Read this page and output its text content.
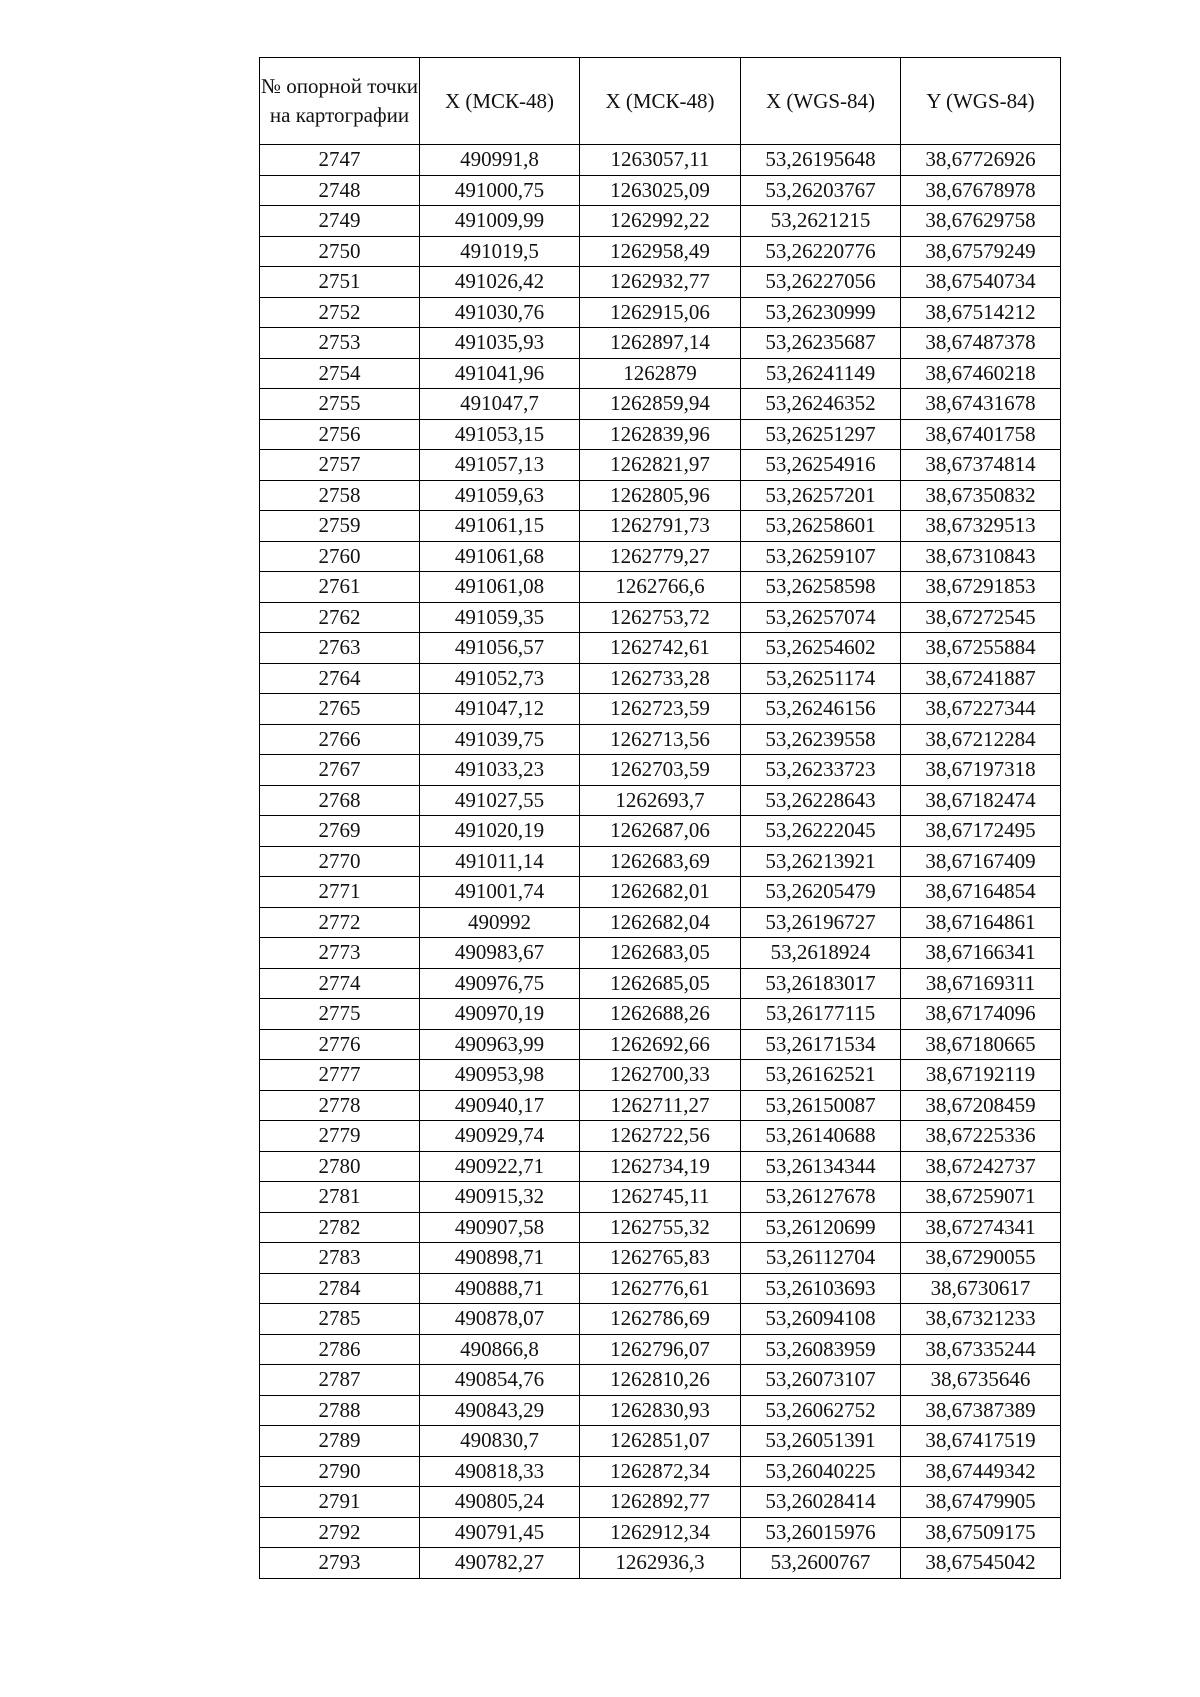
№ опорной точки на картографии	X (МСК-48)	X (МСК-48)	X (WGS-84)	Y (WGS-84)
2747	490991,8	1263057,11	53,26195648	38,67726926
2748	491000,75	1263025,09	53,26203767	38,67678978
2749	491009,99	1262992,22	53,2621215	38,67629758
2750	491019,5	1262958,49	53,26220776	38,67579249
2751	491026,42	1262932,77	53,26227056	38,67540734
2752	491030,76	1262915,06	53,26230999	38,67514212
2753	491035,93	1262897,14	53,26235687	38,67487378
2754	491041,96	1262879	53,26241149	38,67460218
2755	491047,7	1262859,94	53,26246352	38,67431678
2756	491053,15	1262839,96	53,26251297	38,67401758
2757	491057,13	1262821,97	53,26254916	38,67374814
2758	491059,63	1262805,96	53,26257201	38,67350832
2759	491061,15	1262791,73	53,26258601	38,67329513
2760	491061,68	1262779,27	53,26259107	38,67310843
2761	491061,08	1262766,6	53,26258598	38,67291853
2762	491059,35	1262753,72	53,26257074	38,67272545
2763	491056,57	1262742,61	53,26254602	38,67255884
2764	491052,73	1262733,28	53,26251174	38,67241887
2765	491047,12	1262723,59	53,26246156	38,67227344
2766	491039,75	1262713,56	53,26239558	38,67212284
2767	491033,23	1262703,59	53,26233723	38,67197318
2768	491027,55	1262693,7	53,26228643	38,67182474
2769	491020,19	1262687,06	53,26222045	38,67172495
2770	491011,14	1262683,69	53,26213921	38,67167409
2771	491001,74	1262682,01	53,26205479	38,67164854
2772	490992	1262682,04	53,26196727	38,67164861
2773	490983,67	1262683,05	53,2618924	38,67166341
2774	490976,75	1262685,05	53,26183017	38,67169311
2775	490970,19	1262688,26	53,26177115	38,67174096
2776	490963,99	1262692,66	53,26171534	38,67180665
2777	490953,98	1262700,33	53,26162521	38,67192119
2778	490940,17	1262711,27	53,26150087	38,67208459
2779	490929,74	1262722,56	53,26140688	38,67225336
2780	490922,71	1262734,19	53,26134344	38,67242737
2781	490915,32	1262745,11	53,26127678	38,67259071
2782	490907,58	1262755,32	53,26120699	38,67274341
2783	490898,71	1262765,83	53,26112704	38,67290055
2784	490888,71	1262776,61	53,26103693	38,6730617
2785	490878,07	1262786,69	53,26094108	38,67321233
2786	490866,8	1262796,07	53,26083959	38,67335244
2787	490854,76	1262810,26	53,26073107	38,6735646
2788	490843,29	1262830,93	53,26062752	38,67387389
2789	490830,7	1262851,07	53,26051391	38,67417519
2790	490818,33	1262872,34	53,26040225	38,67449342
2791	490805,24	1262892,77	53,26028414	38,67479905
2792	490791,45	1262912,34	53,26015976	38,67509175
2793	490782,27	1262936,3	53,2600767	38,67545042
